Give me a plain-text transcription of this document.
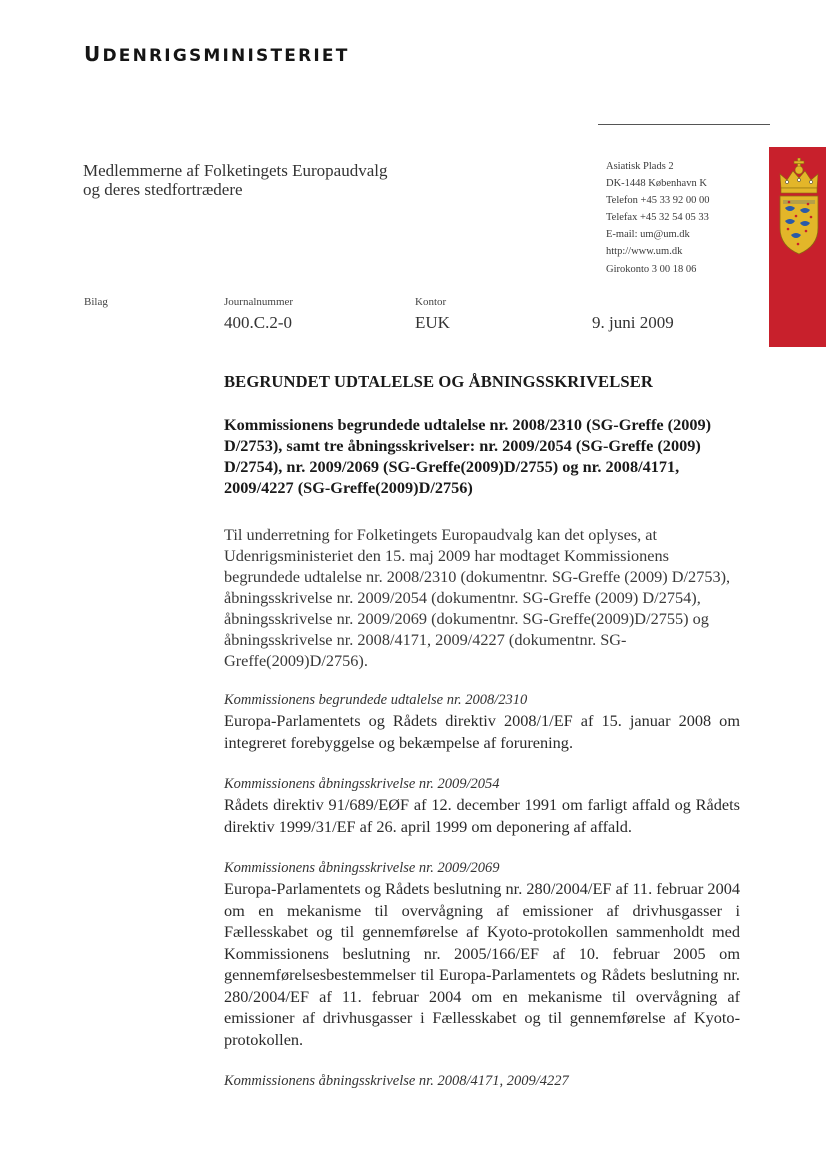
UDENRIGSMINISTERIET
Medlemmerne af Folketingets Europaudvalg
og deres stedfortrædere
Asiatisk Plads 2
DK-1448 København K
Telefon +45 33 92 00 00
Telefax +45 32 54 05 33
E-mail: um@um.dk
http://www.um.dk
Girokonto 3 00 18 06
Bilag	Journalnummer
400.C.2-0
Kontor
EUK	9. juni 2009
BEGRUNDET UDTALELSE OG ÅBNINGSSKRIVELSER
Kommissionens begrundede udtalelse nr. 2008/2310 (SG-Greffe (2009) D/2753), samt tre åbningsskrivelser: nr. 2009/2054 (SG-Greffe (2009) D/2754), nr. 2009/2069 (SG-Greffe(2009)D/2755) og nr. 2008/4171, 2009/4227 (SG-Greffe(2009)D/2756)
Til underretning for Folketingets Europaudvalg kan det oplyses, at Udenrigsministeriet den 15. maj 2009 har modtaget Kommissionens begrundede udtalelse nr. 2008/2310 (dokumentnr. SG-Greffe (2009) D/2753), åbningsskrivelse nr. 2009/2054 (dokumentnr. SG-Greffe (2009) D/2754), åbningsskrivelse nr. 2009/2069 (dokumentnr. SG-Greffe(2009)D/2755) og åbningsskrivelse nr. 2008/4171, 2009/4227 (dokumentnr. SG-Greffe(2009)D/2756).
Kommissionens begrundede udtalelse nr. 2008/2310
Europa-Parlamentets og Rådets direktiv 2008/1/EF af 15. januar 2008 om integreret forebyggelse og bekæmpelse af forurening.
Kommissionens åbningsskrivelse nr. 2009/2054
Rådets direktiv 91/689/EØF af 12. december 1991 om farligt affald og Rådets direktiv 1999/31/EF af 26. april 1999 om deponering af affald.
Kommissionens åbningsskrivelse nr. 2009/2069
Europa-Parlamentets og Rådets beslutning nr. 280/2004/EF af 11. februar 2004 om en mekanisme til overvågning af emissioner af drivhusgasser i Fællesskabet og til gennemførelse af Kyoto-protokollen sammenholdt med Kommissionens beslutning nr. 2005/166/EF af 10. februar 2005 om gennemførelsesbestemmelser til Europa-Parlamentets og Rådets beslutning nr. 280/2004/EF af 11. februar 2004 om en mekanisme til overvågning af emissioner af drivhusgasser i Fællesskabet og til gennemførelse af Kyoto-protokollen.
Kommissionens åbningsskrivelse nr. 2008/4171, 2009/4227
